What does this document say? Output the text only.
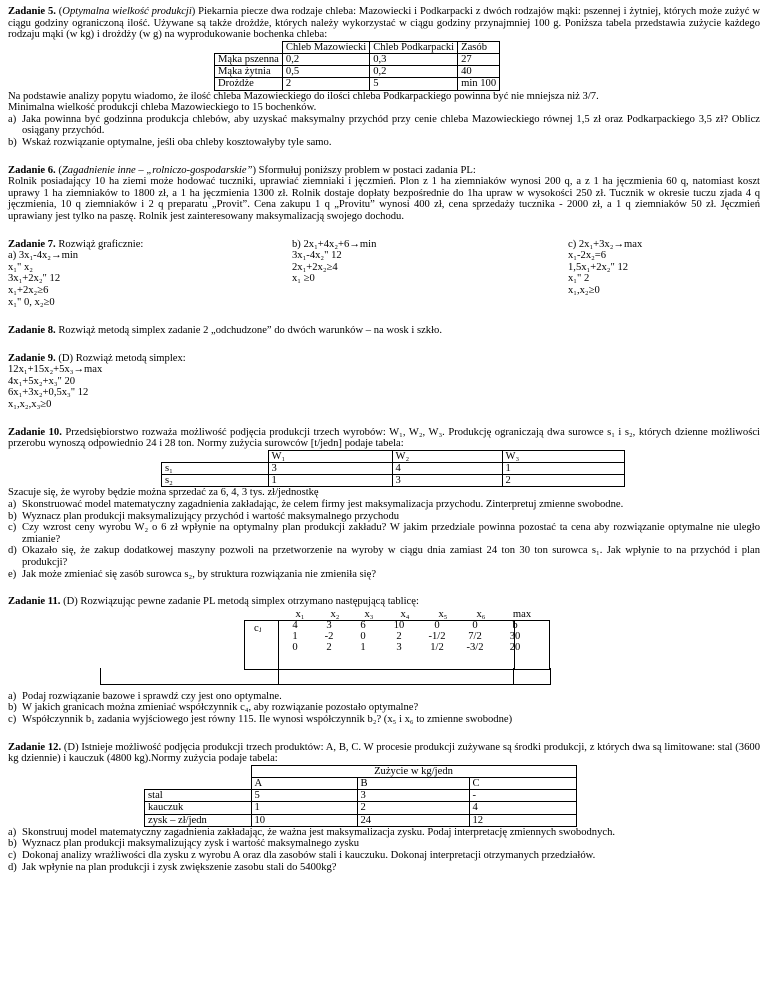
Zadanie 5. (Optymalna wielkość produkcji) Piekarnia piecze dwa rodzaje chleba: Mazowiecki i Podkarpacki z dwóch rodzajów mąki: pszennej i żytniej, których może zużyć w ciągu godziny ograniczoną ilość. Używane są także drożdże, których należy wykorzystać w ciągu godziny przynajmniej 100 g. Poniższa tabela przedstawia zużycie każdego rodzaju mąki (w kg) i drożdży (w g) na wyprodukowanie bochenka chleba:

	Chleb Mazowiecki	Chleb Podkarpacki	Zasób
Mąka pszenna	0,2	0,3	27
Mąka żytnia	0,5	0,2	40
Drożdże	2	5	min 100

Na podstawie analizy popytu wiadomo, że ilość chleba Mazowieckiego do ilości chleba Podkarpackiego powinna być nie mniejsza niż 3/7.

Minimalna wielkość produkcji chleba Mazowieckiego to 15 bochenków.

a) Jaka powinna być godzinna produkcja chlebów, aby uzyskać maksymalny przychód przy cenie chleba Mazowieckiego równej 1,5 zł oraz Podkarpackiego 3,5 zł? Oblicz osiągany przychód.
b) Wskaż rozwiązanie optymalne, jeśli oba chleby kosztowałyby tyle samo.

Zadanie 6. (Zagadnienie inne – „rolniczo-gospodarskie”) Sformułuj poniższy problem w postaci zadania PL:

Rolnik posiadający 10 ha ziemi może hodować tuczniki, uprawiać ziemniaki i jęczmień. Plon z 1 ha ziemniaków wynosi 200 q, a z 1 ha jęczmienia 60 q, natomiast koszt uprawy 1 ha ziemniaków to 1800 zł, a 1 ha jęczmienia 1300 zł. Rolnik dostaje dopłaty bezpośrednie do 1ha upraw w wysokości 250 zł. Tucznik w okresie tuczu zjada 4 q jęczmienia, 10 q ziemniaków i 2 q preparatu „Provit”. Cena zakupu 1 q „Provitu” wynosi 400 zł, cena sprzedaży tucznika - 2000 zł, a 1 q ziemniaków 50 zł. Jęczmień uprawiany jest tylko na paszę. Rolnik jest zainteresowany maksymalizacją swojego dochodu.

Zadanie 7. Rozwiąż graficznie:
a) 3x₁-4x₂→min
x₁" x₂
3x₁+2x₂" 12
x₁+2x₂≥6
x₁" 0, x₂≥0
b) 2x₁+4x₂+6→min
3x₁-4x₂" 12
2x₁+2x₂≥4
x₁ ≥0
c) 2x₁+3x₂→max
x₁-2x₂=6
1,5x₁+2x₂" 12
x₁" 2
x₁,x₂≥0

Zadanie 8. Rozwiąż metodą simplex zadanie 2 „odchudzone” do dwóch warunków – na wosk i szkło.

Zadanie 9. (D) Rozwiąż metodą simplex:
12x₁+15x₂+5x₃→max
4x₁+5x₂+x₃" 20
6x₁+3x₂+0,5x₃" 12
x₁,x₂,x₃≥0

Zadanie 10. Przedsiębiorstwo rozważa możliwość podjęcia produkcji trzech wyrobów: W₁, W₂, W₃. Produkcję ograniczają dwa surowce s₁ i s₂, których dzienne możliwości przerobu wynoszą odpowiednio 24 i 28 ton. Normy zużycia surowców [t/jedn] podaje tabela:

	W₁	W₂	W₃
s₁	3	4	1
s₂	1	3	2

Szacuje się, że wyroby będzie można sprzedać za 6, 4, 3 tys. zł/jednostkę

a) Skonstruować model matematyczny zagadnienia zakładając, że celem firmy jest maksymalizacja przychodu. Zinterpretuj zmienne swobodne.
b) Wyznacz plan produkcji maksymalizujący przychód i wartość maksymalnego przychodu
c) Czy wzrost ceny wyrobu W₂ o 6 zł wpłynie na optymalny plan produkcji zakładu? W jakim przedziale powinna pozostać ta cena aby rozwiązanie optymalne nie uległo zmianie?
d) Okazało się, że zakup dodatkowej maszyny pozwoli na przetworzenie na wyroby w ciągu dnia zamiast 24 ton 30 ton surowca s₁. Jak wpłynie to na przychód i plan produkcji?
e) Jak może zmieniać się zasób surowca s₂, by struktura rozwiązania nie zmieniła się?

Zadanie 11. (D) Rozwiązując pewne zadanie PL metodą simplex otrzymano następującą tablicę:

	x₁	x₂	x₃	x₄	x₅	x₆	max
cⱼ	4	3	6	10	0	0	b
1	-2	0	2	-1/2	7/2	30
0	2	1	3	1/2	-3/2	20
a) Podaj rozwiązanie bazowe i sprawdź czy jest ono optymalne.
b) W jakich granicach można zmieniać współczynnik c₄, aby rozwiązanie pozostało optymalne?
c) Współczynnik b₁ zadania wyjściowego jest równy 115. Ile wynosi współczynnik b₂? (x₅ i x₆ to zmienne swobodne)

Zadanie 12. (D) Istnieje możliwość podjęcia produkcji trzech produktów: A, B, C. W procesie produkcji zużywane są środki produkcji, z których dwa są limitowane: stal (3600 kg dziennie) i kauczuk (4800 kg).Normy zużycia podaje tabela:

	Zużycie w kg/jedn		
	A	B	C
stal	5	3	-
kauczuk	1	2	4
zysk – zł/jedn	10	24	12
a) Skonstruuj model matematyczny zagadnienia zakładając, że ważna jest maksymalizacja zysku. Podaj interpretację zmiennych swobodnych.
b) Wyznacz plan produkcji maksymalizujący zysk i wartość maksymalnego zysku
c) Dokonaj analizy wrażliwości dla zysku z wyrobu A oraz dla zasobów stali i kauczuku. Dokonaj interpretacji otrzymanych przedziałów.
d) Jak wpłynie na plan produkcji i zysk zwiększenie zasobu stali do 5400kg?
